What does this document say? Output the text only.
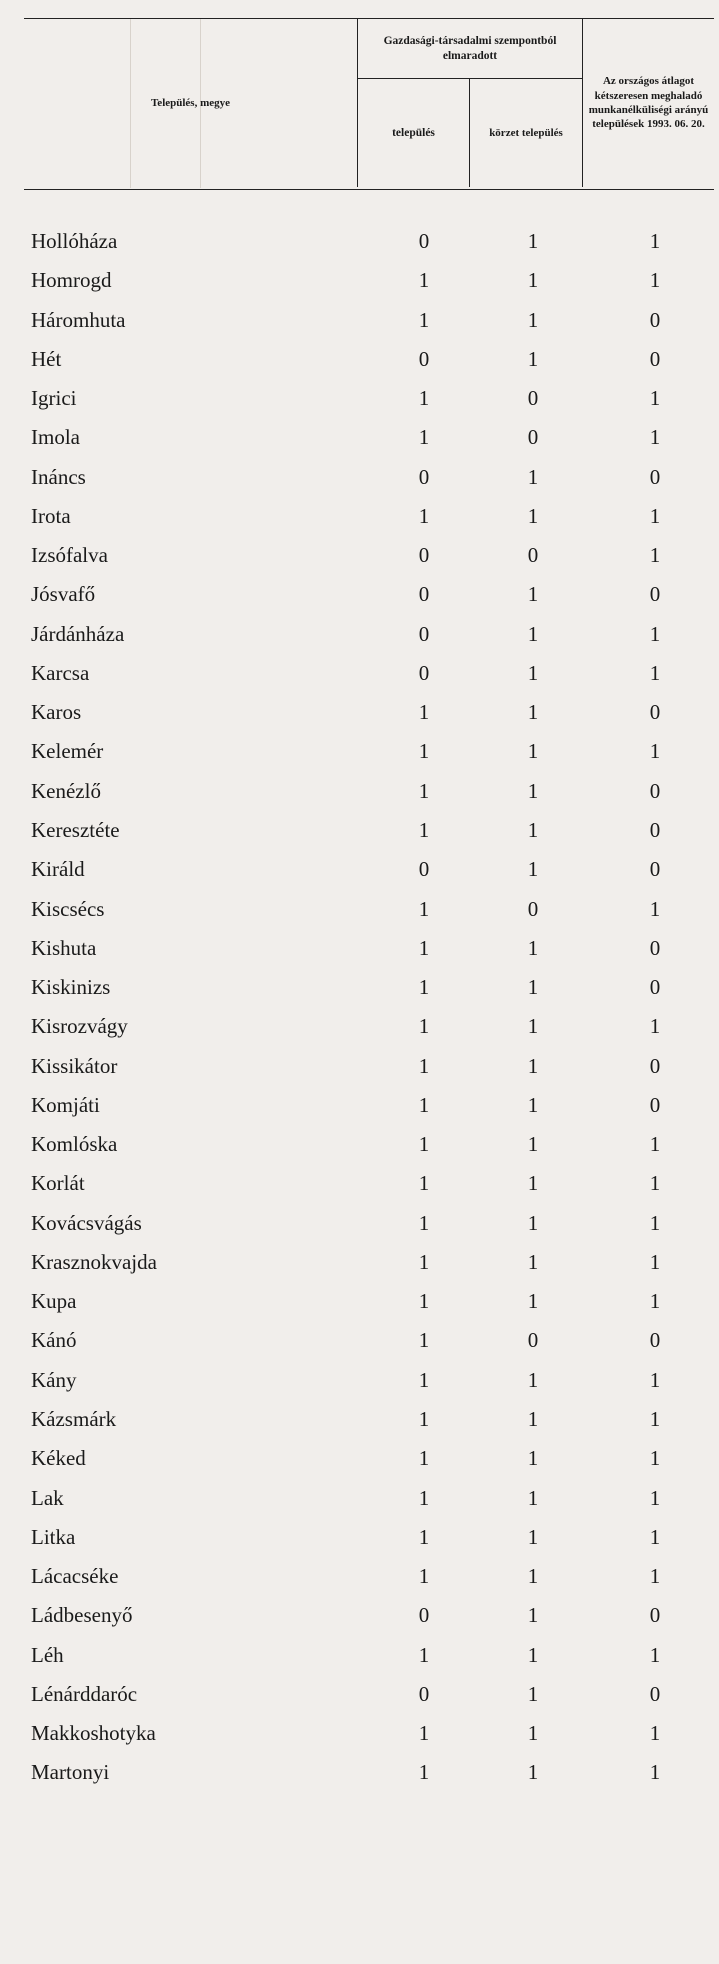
Település, megye
Gazdasági-társadalmi szempontból elmaradott
település	körzet település
Az országos átlagot kétszeresen meghaladó munkanélküliségi arányú települések 1993. 06. 20.
Hollóháza	0	1	1
Homrogd	1	1	1
Háromhuta	1	1	0
Hét	0	1	0
Igrici	1	0	1
Imola	1	0	1
Ináncs	0	1	0
Irota	1	1	1
Izsófalva	0	0	1
Jósvafő	0	1	0
Járdánháza	0	1	1
Karcsa	0	1	1
Karos	1	1	0
Kelemér	1	1	1
Kenézlő	1	1	0
Keresztéte	1	1	0
Királd	0	1	0
Kiscsécs	1	0	1
Kishuta	1	1	0
Kiskinizs	1	1	0
Kisrozvágy	1	1	1
Kissikátor	1	1	0
Komjáti	1	1	0
Komlóska	1	1	1
Korlát	1	1	1
Kovácsvágás	1	1	1
Krasznokvajda	1	1	1
Kupa	1	1	1
Kánó	1	0	0
Kány	1	1	1
Kázsmárk	1	1	1
Kéked	1	1	1
Lak	1	1	1
Litka	1	1	1
Lácacséke	1	1	1
Ládbesenyő	0	1	0
Léh	1	1	1
Lénárddaróc	0	1	0
Makkoshotyka	1	1	1
Martonyi	1	1	1
